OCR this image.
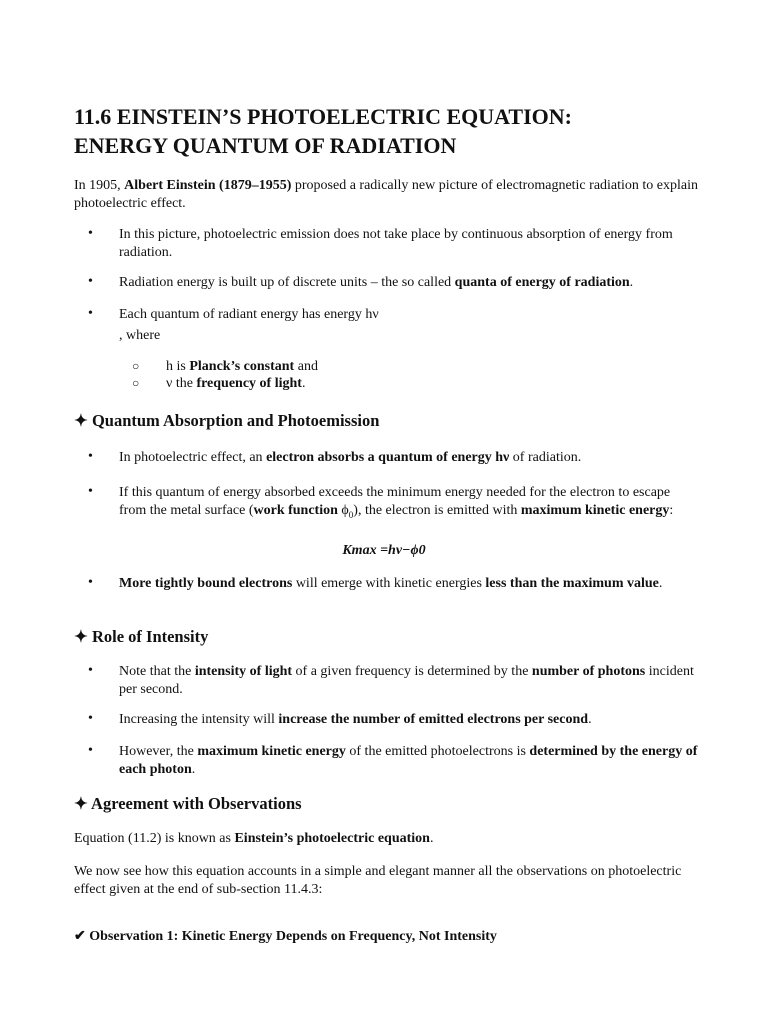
11.6 EINSTEIN’S PHOTOELECTRIC EQUATION:
ENERGY QUANTUM OF RADIATION
In 1905, Albert Einstein (1879–1955) proposed a radically new picture of electromagnetic radiation to explain photoelectric effect.
• In this picture, photoelectric emission does not take place by continuous absorption of energy from radiation.
• Radiation energy is built up of discrete units – the so called quanta of energy of radiation.
• Each quantum of radiant energy has energy hν
, where
○ h is Planck’s constant and
○ ν the frequency of light.
✦ Quantum Absorption and Photoemission
• In photoelectric effect, an electron absorbs a quantum of energy hν of radiation.
• If this quantum of energy absorbed exceeds the minimum energy needed for the electron to escape from the metal surface (work function $\phi_0$), the electron is emitted with maximum kinetic energy:
Kmax =hν−ϕ0
• More tightly bound electrons will emerge with kinetic energies less than the maximum value.
✦ Role of Intensity
• Note that the intensity of light of a given frequency is determined by the number of photons incident per second.
• Increasing the intensity will increase the number of emitted electrons per second.
• However, the maximum kinetic energy of the emitted photoelectrons is determined by the energy of each photon.
✦ Agreement with Observations
Equation (11.2) is known as Einstein’s photoelectric equation.
We now see how this equation accounts in a simple and elegant manner all the observations on photoelectric effect given at the end of sub-section 11.4.3:
✔ Observation 1: Kinetic Energy Depends on Frequency, Not Intensity
